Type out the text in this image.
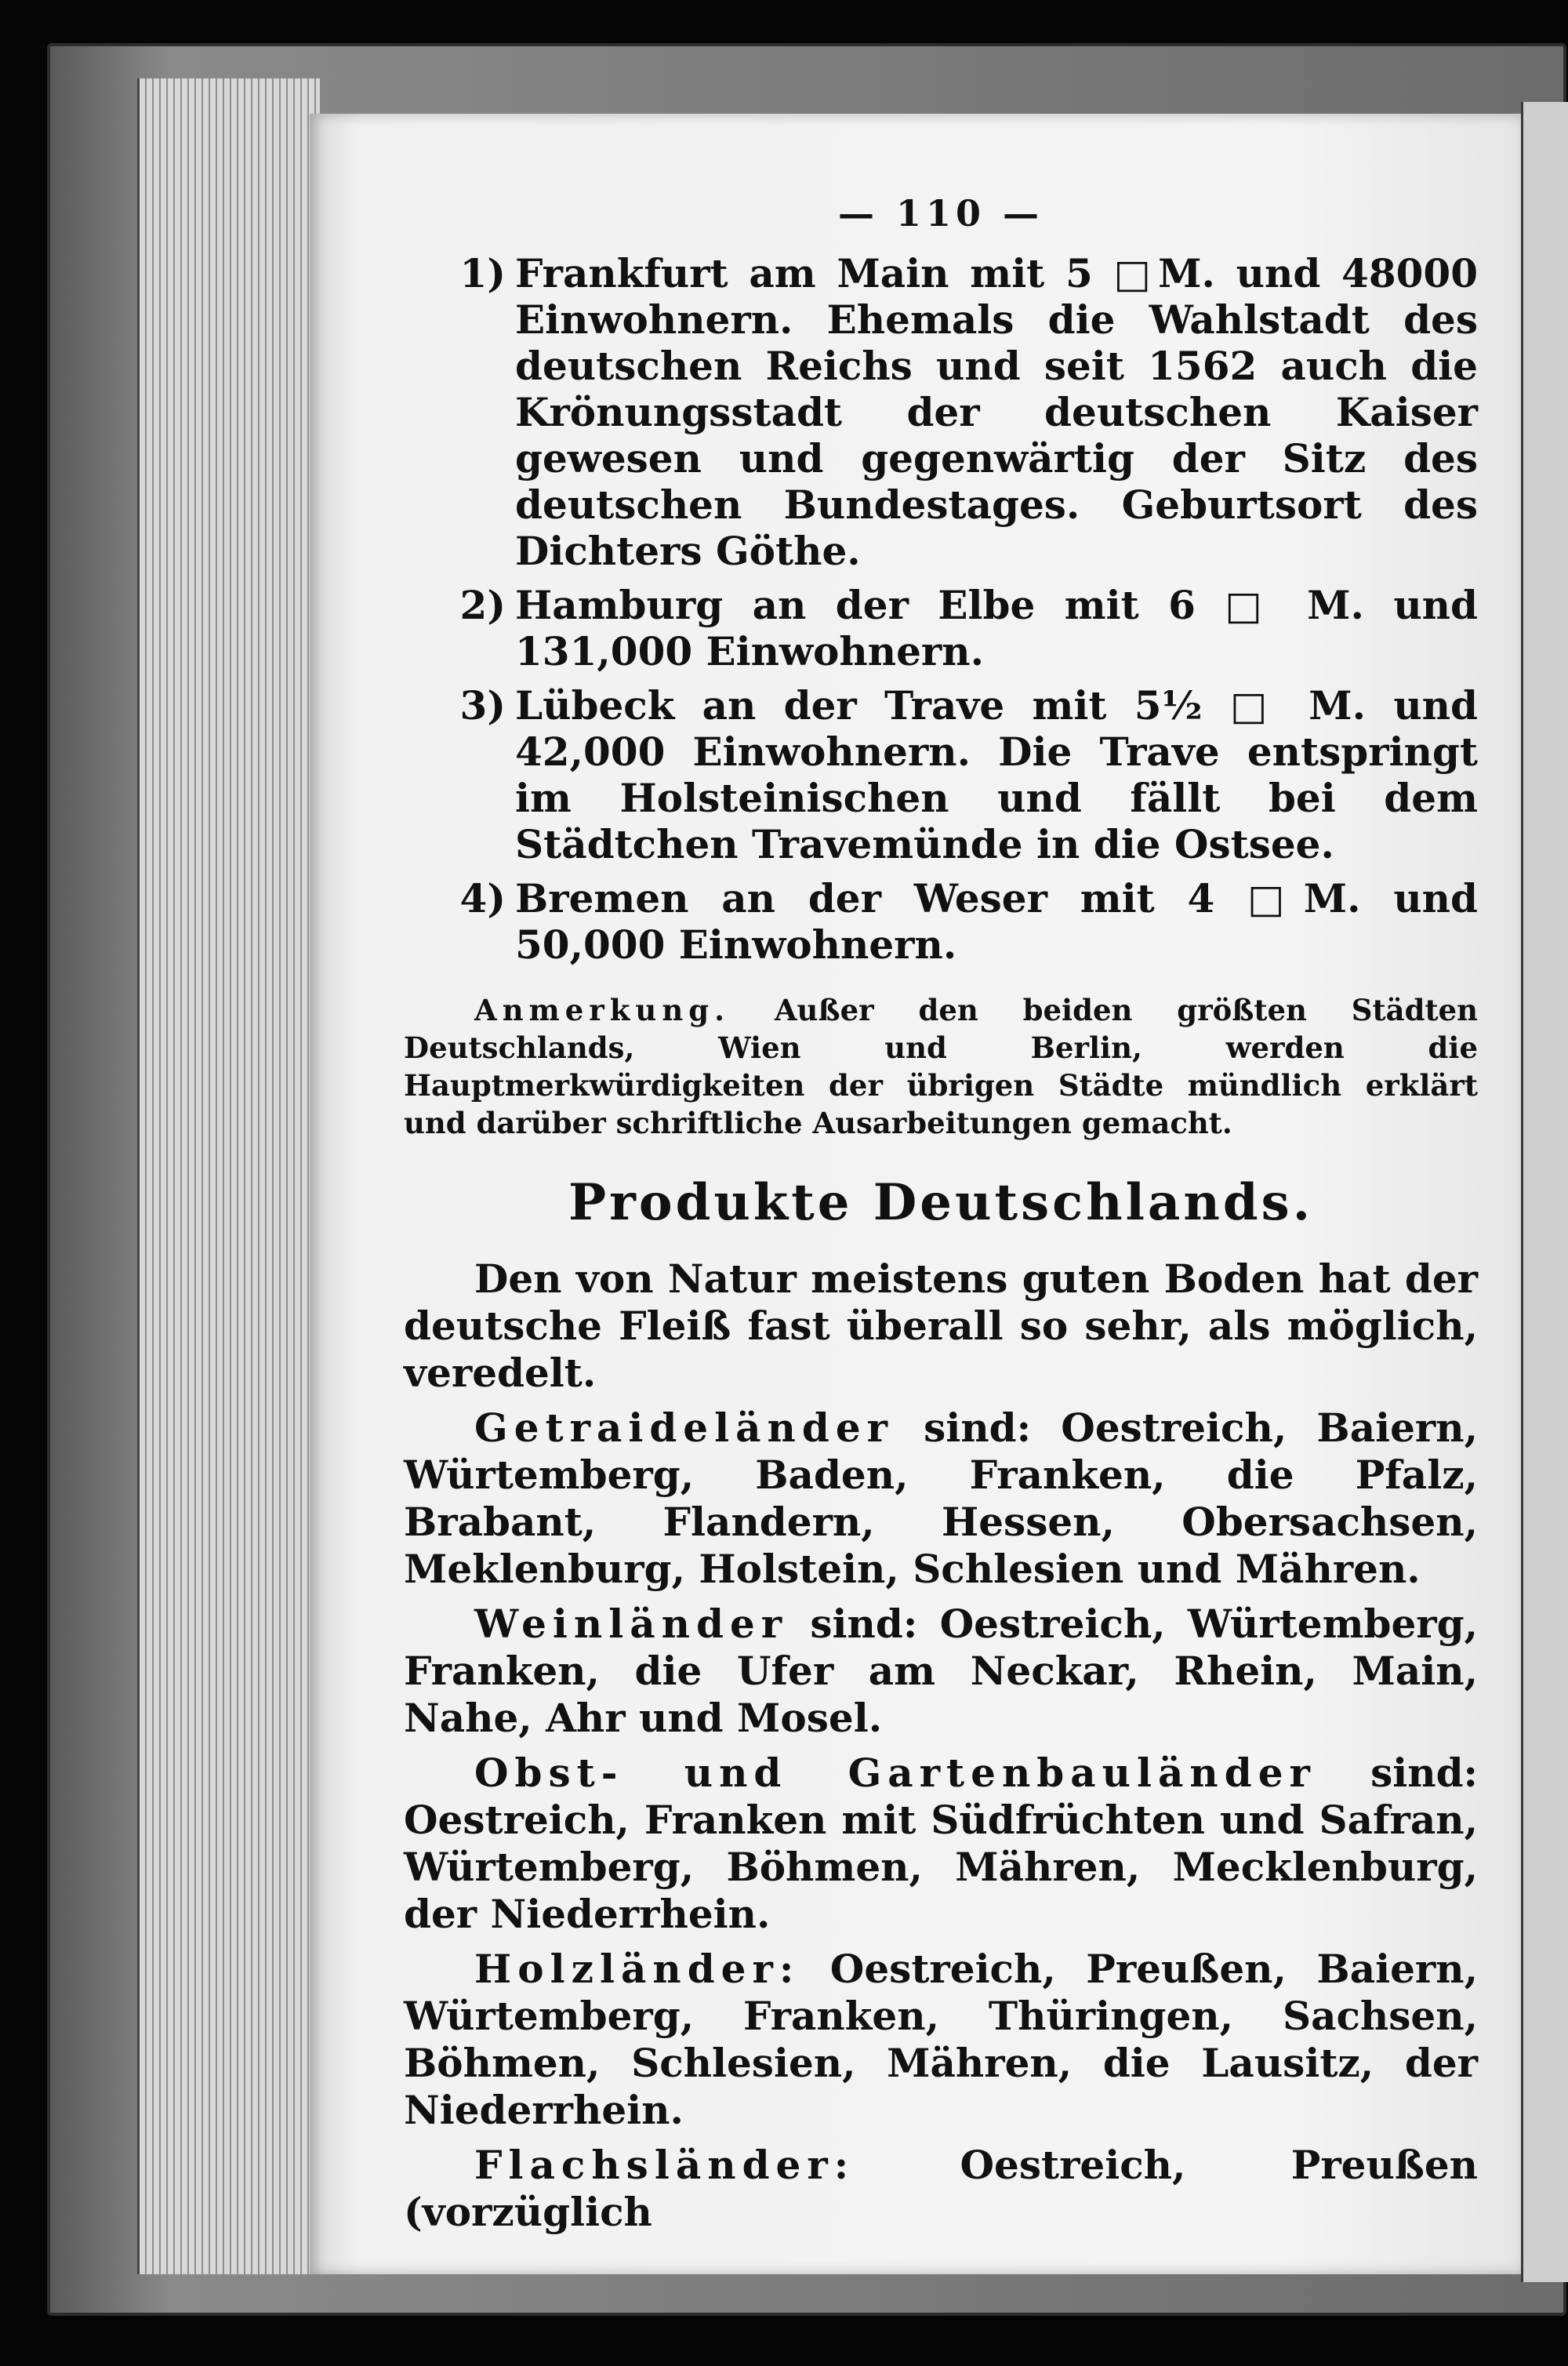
— 110 —
1) Frankfurt am Main mit 5 □M. und 48000 Einwohnern. Ehemals die Wahlstadt des deutschen Reichs und seit 1562 auch die Krönungsstadt der deutschen Kaiser gewesen und gegenwärtig der Sitz des deutschen Bundestages. Geburtsort des Dichters Göthe.
2) Hamburg an der Elbe mit 6 □ M. und 131,000 Einwohnern.
3) Lübeck an der Trave mit 5½ □ M. und 42,000 Einwohnern. Die Trave entspringt im Holsteinischen und fällt bei dem Städtchen Travemünde in die Ostsee.
4) Bremen an der Weser mit 4 □M. und 50,000 Einwohnern.
Anmerkung. Außer den beiden größten Städten Deutschlands, Wien und Berlin, werden die Hauptmerkwürdigkeiten der übrigen Städte mündlich erklärt und darüber schriftliche Ausarbeitungen gemacht.
Produkte Deutschlands.
Den von Natur meistens guten Boden hat der deutsche Fleiß fast überall so sehr, als möglich, veredelt.
Getraideländer sind: Oestreich, Baiern, Würtemberg, Baden, Franken, die Pfalz, Brabant, Flandern, Hessen, Obersachsen, Meklenburg, Holstein, Schlesien und Mähren.
Weinländer sind: Oestreich, Würtemberg, Franken, die Ufer am Neckar, Rhein, Main, Nahe, Ahr und Mosel.
Obst- und Gartenbauländer sind: Oestreich, Franken mit Südfrüchten und Safran, Würtemberg, Böhmen, Mähren, Mecklenburg, der Niederrhein.
Holzländer: Oestreich, Preußen, Baiern, Würtemberg, Franken, Thüringen, Sachsen, Böhmen, Schlesien, Mähren, die Lausitz, der Niederrhein.
Flachsländer: Oestreich, Preußen (vorzüglich
